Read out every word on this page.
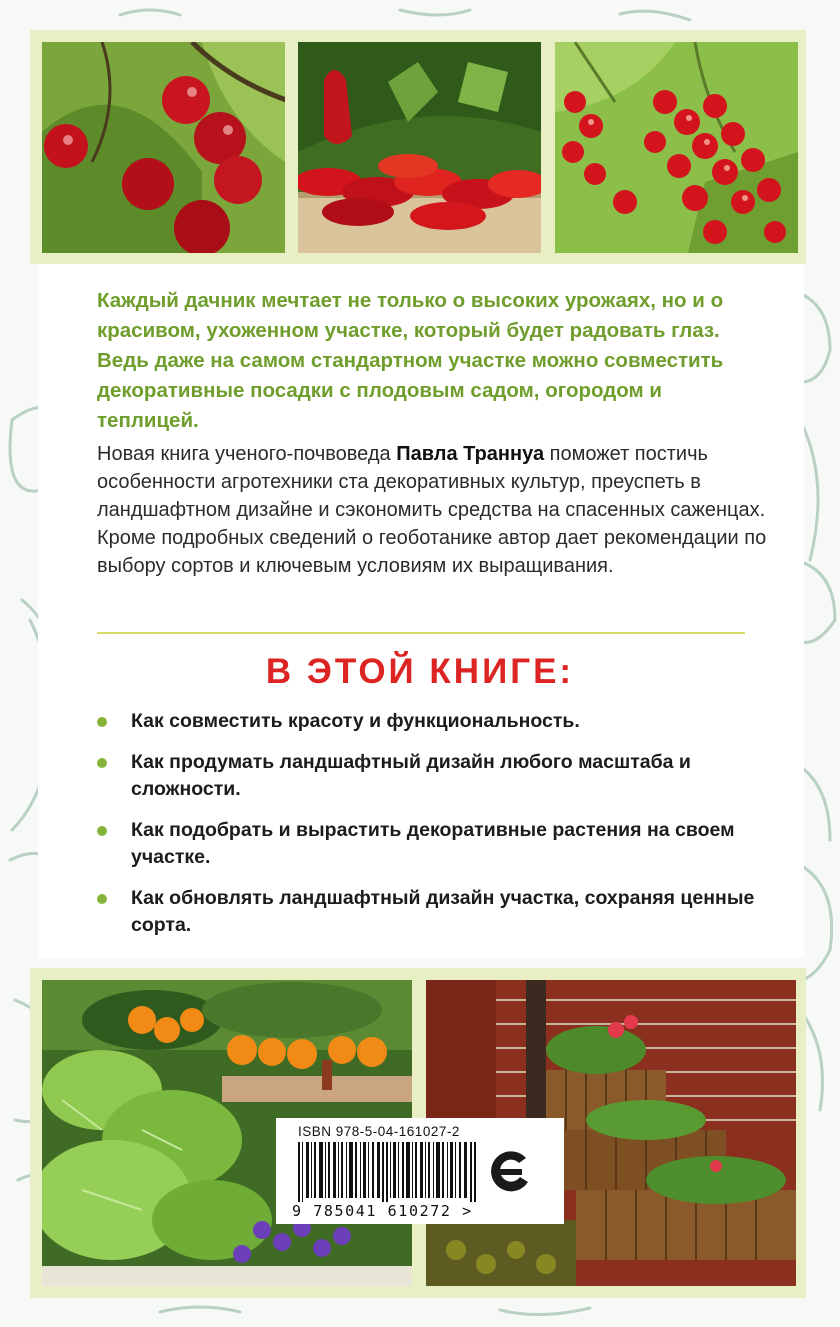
Каждый дачник мечтает не только о высоких урожаях, но и о красивом, ухоженном участке, который будет радовать глаз. Ведь даже на самом стандартном участке можно совместить декоративные посадки с плодовым садом, огородом и теплицей.

Новая книга ученого-почвоведа Павла Траннуа поможет постичь особенности агротехники ста декоративных культур, преуспеть в ландшафтном дизайне и сэкономить средства на спасенных саженцах. Кроме подробных сведений о геоботанике автор дает рекомендации по выбору сортов и ключевым условиям их выращивания.

В ЭТОЙ КНИГЕ:
Как совместить красоту и функциональность.
Как продумать ландшафтный дизайн любого масштаба и сложности.
Как подобрать и вырастить декоративные растения на своем участке.
Как обновлять ландшафтный дизайн участка, сохраняя ценные сорта.
ISBN 978-5-04-161027-2
9 785041 610272 >
